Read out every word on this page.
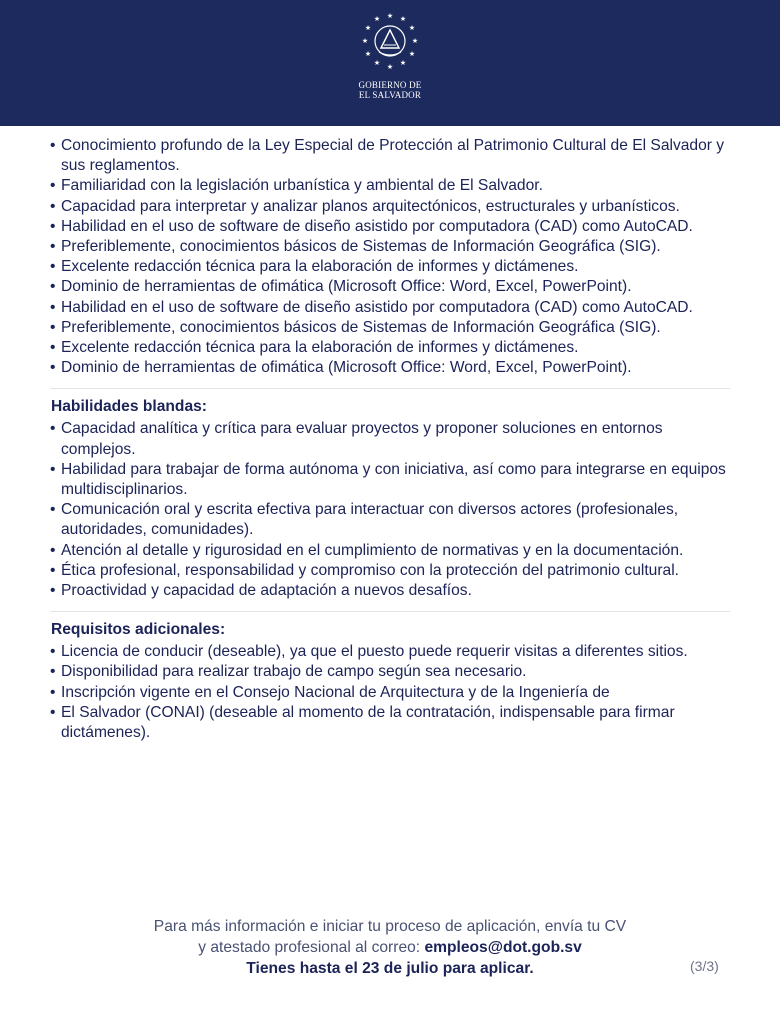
★ ★
★
★
★
★
★
★
★
★
★
★
GOBIERNO DE
EL SALVADOR
• Conocimiento profundo de la Ley Especial de Protección al Patrimonio Cultural de El Salvador y sus reglamentos.
• Familiaridad con la legislación urbanística y ambiental de El Salvador.
• Capacidad para interpretar y analizar planos arquitectónicos, estructurales y urbanísticos.
• Habilidad en el uso de software de diseño asistido por computadora (CAD) como AutoCAD.
• Preferiblemente, conocimientos básicos de Sistemas de Información Geográfica (SIG).
• Excelente redacción técnica para la elaboración de informes y dictámenes.
• Dominio de herramientas de ofimática (Microsoft Office: Word, Excel, PowerPoint).
• Habilidad en el uso de software de diseño asistido por computadora (CAD) como AutoCAD.
• Preferiblemente, conocimientos básicos de Sistemas de Información Geográfica (SIG).
• Excelente redacción técnica para la elaboración de informes y dictámenes.
• Dominio de herramientas de ofimática (Microsoft Office: Word, Excel, PowerPoint).
Habilidades blandas:
• Capacidad analítica y crítica para evaluar proyectos y proponer soluciones en entornos complejos.
• Habilidad para trabajar de forma autónoma y con iniciativa, así como para integrarse en equipos multidisciplinarios.
• Comunicación oral y escrita efectiva para interactuar con diversos actores (profesionales, autoridades, comunidades).
• Atención al detalle y rigurosidad en el cumplimiento de normativas y en la documentación.
• Ética profesional, responsabilidad y compromiso con la protección del patrimonio cultural.
• Proactividad y capacidad de adaptación a nuevos desafíos.
Requisitos adicionales:
• Licencia de conducir (deseable), ya que el puesto puede requerir visitas a diferentes sitios.
• Disponibilidad para realizar trabajo de campo según sea necesario.
• Inscripción vigente en el Consejo Nacional de Arquitectura y de la Ingeniería de
• El Salvador (CONAI) (deseable al momento de la contratación, indispensable para firmar dictámenes).
Para más información e iniciar tu proceso de aplicación, envía tu CV
y atestado profesional al correo: empleos@dot.gob.sv
Tienes hasta el 23 de julio para aplicar.	(3/3)
